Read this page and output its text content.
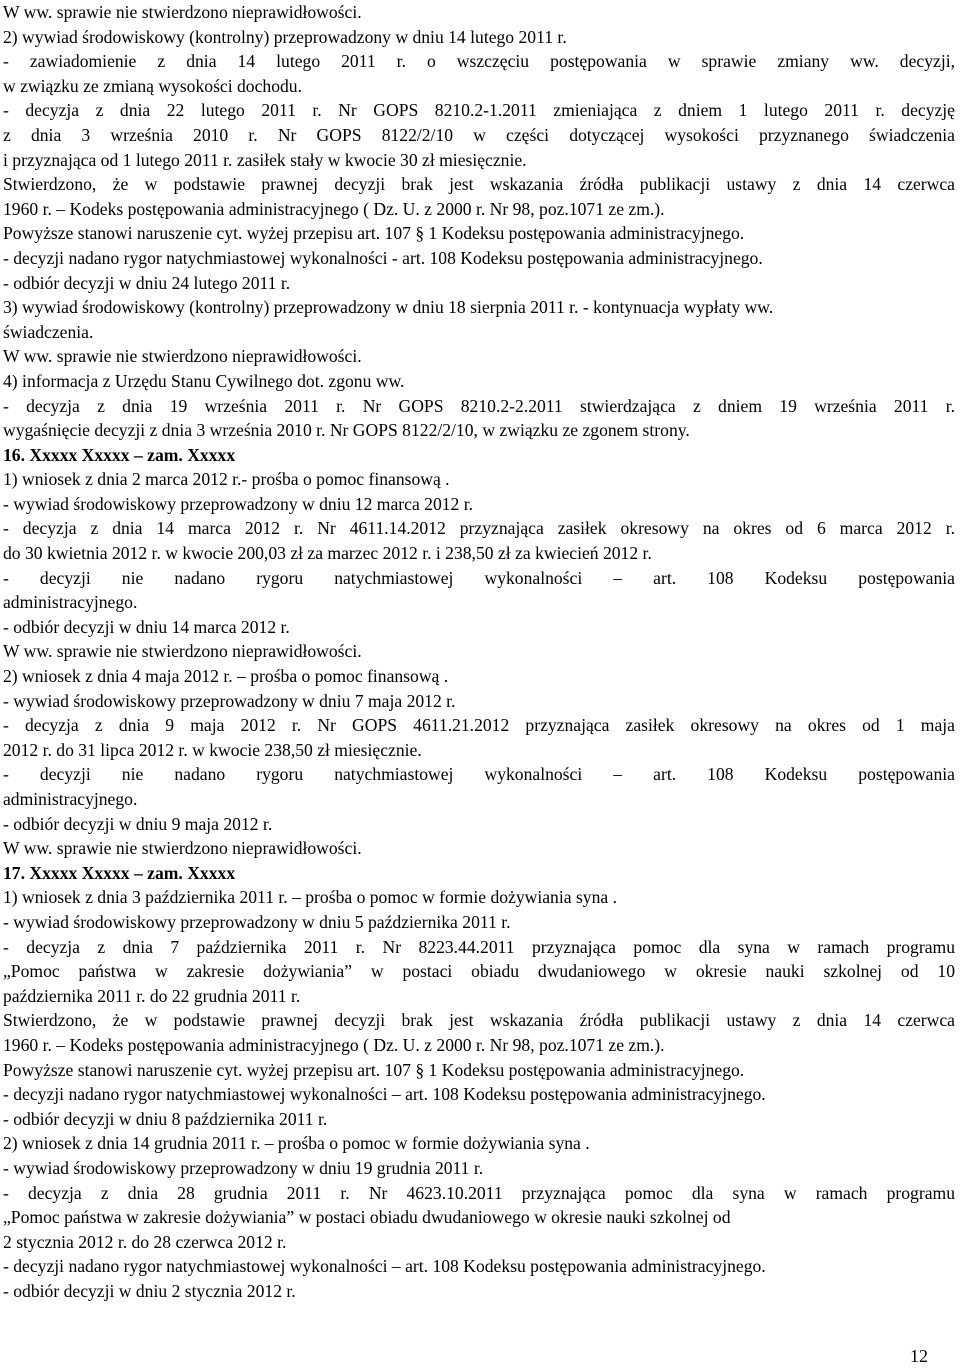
W ww. sprawie nie stwierdzono nieprawidłowości.
2) wywiad środowiskowy (kontrolny) przeprowadzony w dniu 14 lutego 2011 r.
- zawiadomienie z dnia 14 lutego 2011 r. o wszczęciu postępowania w sprawie zmiany ww. decyzji,
w związku ze zmianą wysokości dochodu.
- decyzja z dnia 22 lutego 2011 r. Nr GOPS 8210.2-1.2011 zmieniająca z dniem 1 lutego 2011 r. decyzję
z dnia 3 września 2010 r. Nr GOPS 8122/2/10 w części dotyczącej wysokości przyznanego świadczenia
i przyznająca od 1 lutego 2011 r. zasiłek stały w kwocie 30 zł miesięcznie.
Stwierdzono, że w podstawie prawnej decyzji brak jest wskazania źródła publikacji ustawy z dnia 14 czerwca
1960 r. – Kodeks postępowania administracyjnego ( Dz. U. z 2000 r. Nr 98, poz.1071 ze zm.).
Powyższe stanowi naruszenie cyt. wyżej przepisu art. 107 § 1 Kodeksu postępowania administracyjnego.
- decyzji nadano rygor natychmiastowej wykonalności - art. 108 Kodeksu postępowania administracyjnego.
- odbiór decyzji w dniu 24 lutego 2011 r.
3) wywiad środowiskowy (kontrolny) przeprowadzony w dniu 18 sierpnia 2011 r. - kontynuacja wypłaty ww.
świadczenia.
W ww. sprawie nie stwierdzono nieprawidłowości.
4) informacja z Urzędu Stanu Cywilnego dot. zgonu ww.
- decyzja z dnia 19 września 2011 r. Nr GOPS 8210.2-2.2011 stwierdzająca z dniem 19 września 2011 r.
wygaśnięcie decyzji z dnia 3 września 2010 r. Nr GOPS 8122/2/10, w związku ze zgonem strony.
16. Xxxxx Xxxxx – zam. Xxxxx
1) wniosek z dnia 2 marca 2012 r.- prośba o pomoc finansową .
- wywiad środowiskowy przeprowadzony w dniu 12 marca 2012 r.
- decyzja z dnia 14 marca 2012 r. Nr 4611.14.2012 przyznająca zasiłek okresowy na okres od 6 marca 2012 r.
do 30 kwietnia 2012 r. w kwocie 200,03 zł za marzec 2012 r. i 238,50 zł za kwiecień 2012 r.
- decyzji nie nadano rygoru natychmiastowej wykonalności – art. 108 Kodeksu postępowania
administracyjnego.
- odbiór decyzji w dniu 14 marca 2012 r.
W ww. sprawie nie stwierdzono nieprawidłowości.
2) wniosek z dnia 4 maja 2012 r. – prośba o pomoc finansową .
- wywiad środowiskowy przeprowadzony w dniu 7 maja 2012 r.
- decyzja z dnia 9 maja 2012 r. Nr GOPS 4611.21.2012 przyznająca zasiłek okresowy na okres od 1 maja
2012 r. do 31 lipca 2012 r. w kwocie 238,50 zł miesięcznie.
- decyzji nie nadano rygoru natychmiastowej wykonalności – art. 108 Kodeksu postępowania
administracyjnego.
- odbiór decyzji w dniu 9 maja 2012 r.
W ww. sprawie nie stwierdzono nieprawidłowości.
17. Xxxxx Xxxxx – zam. Xxxxx
1) wniosek z dnia 3 października 2011 r. – prośba o pomoc w formie dożywiania syna .
- wywiad środowiskowy przeprowadzony w dniu 5 października 2011 r.
- decyzja z dnia 7 października 2011 r. Nr 8223.44.2011 przyznająca pomoc dla syna w ramach programu
„Pomoc państwa w zakresie dożywiania” w postaci obiadu dwudaniowego w okresie nauki szkolnej od 10
października 2011 r. do 22 grudnia 2011 r.
Stwierdzono, że w podstawie prawnej decyzji brak jest wskazania źródła publikacji ustawy z dnia 14 czerwca
1960 r. – Kodeks postępowania administracyjnego ( Dz. U. z 2000 r. Nr 98, poz.1071 ze zm.).
Powyższe stanowi naruszenie cyt. wyżej przepisu art. 107 § 1 Kodeksu postępowania administracyjnego.
- decyzji nadano rygor natychmiastowej wykonalności – art. 108 Kodeksu postępowania administracyjnego.
- odbiór decyzji w dniu 8 października 2011 r.
2) wniosek z dnia 14 grudnia 2011 r. – prośba o pomoc w formie dożywiania syna .
- wywiad środowiskowy przeprowadzony w dniu 19 grudnia 2011 r.
- decyzja z dnia 28 grudnia 2011 r. Nr 4623.10.2011 przyznająca pomoc dla syna w ramach programu
„Pomoc państwa w zakresie dożywiania” w postaci obiadu dwudaniowego w okresie nauki szkolnej od
2 stycznia 2012 r. do 28 czerwca 2012 r.
- decyzji nadano rygor natychmiastowej wykonalności – art. 108 Kodeksu postępowania administracyjnego.
- odbiór decyzji w dniu 2 stycznia 2012 r.
12
